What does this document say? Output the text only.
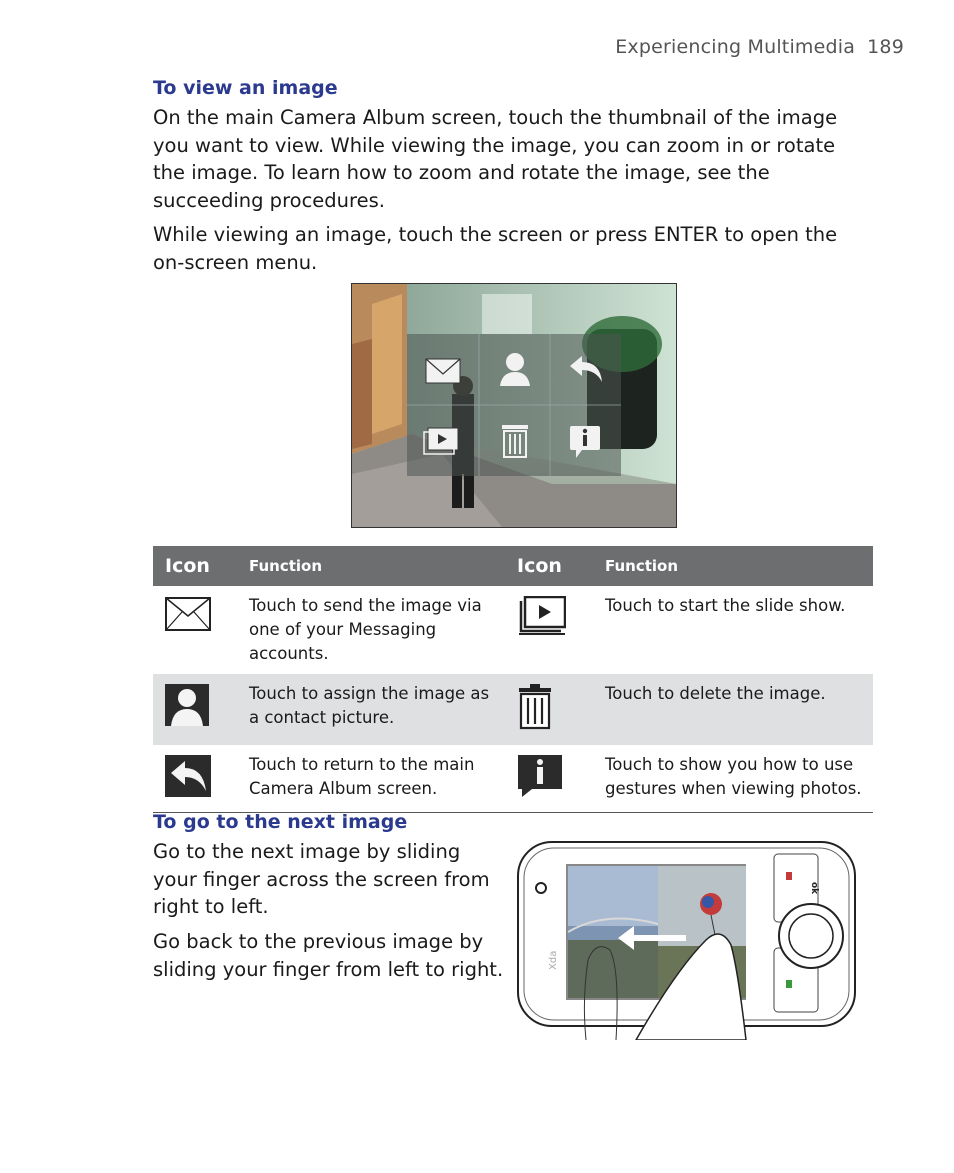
Experiencing Multimedia 189
To view an image

On the main Camera Album screen, touch the thumbnail of the image you want to view. While viewing the image, you can zoom in or rotate the image. To learn how to zoom and rotate the image, see the succeeding procedures.

While viewing an image, touch the screen or press ENTER to open the on-screen menu.

Icon	Function	Icon	Function
	Touch to send the image via one of your Messaging accounts.		Touch to start the slide show.
	Touch to assign the image as a contact picture.		Touch to delete the image.
	Touch to return to the main Camera Album screen.		Touch to show you how to use gestures when viewing photos.
To go to the next image

Go to the next image by sliding your finger across the screen from right to left.

Go back to the previous image by sliding your finger from left to right.

ok
O₂
Xda
